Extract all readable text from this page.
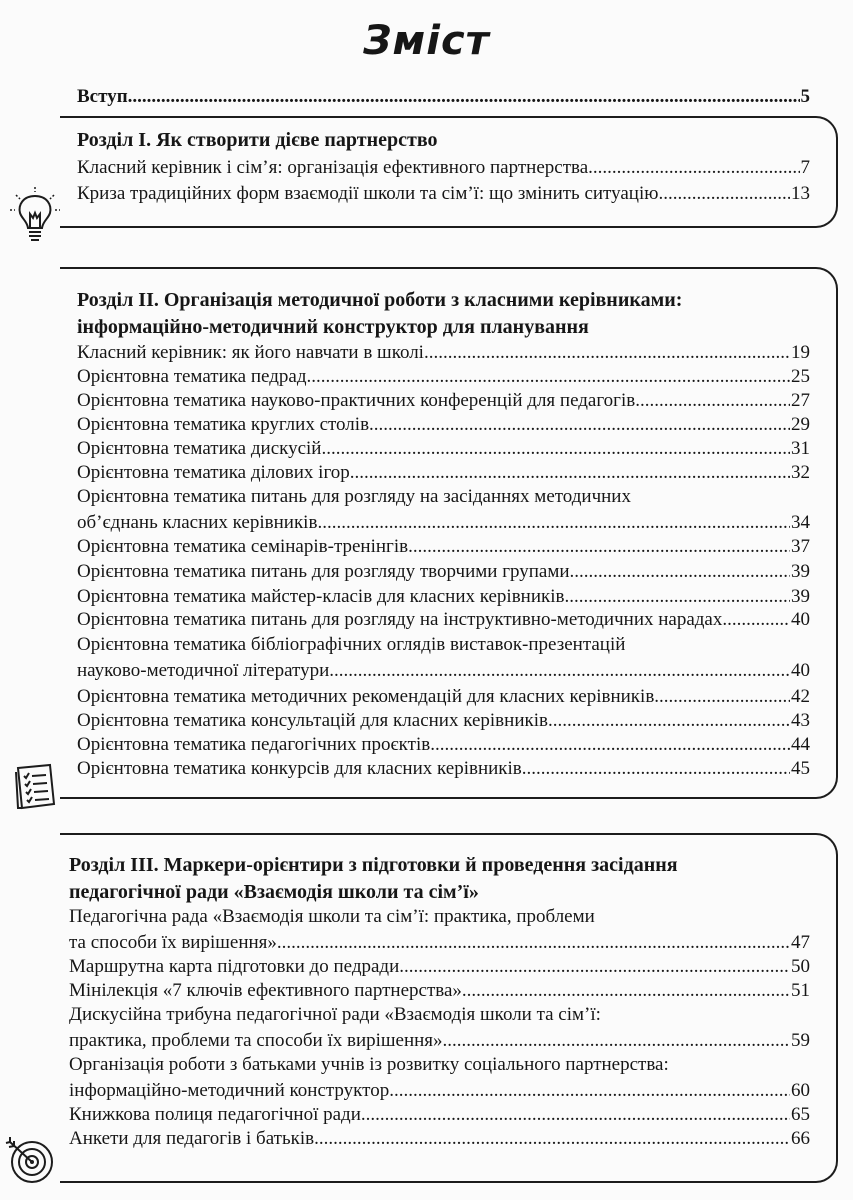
Зміст
Вступ .....	5
Розділ І. Як створити дієве партнерство
Класний керівник і сім’я: організація ефективного партнерства .....	7
Криза традиційних форм взаємодії школи та сім’ї: що змінить ситуацію .....	13
Розділ ІІ. Організація методичної роботи з класними керівниками:
інформаційно-методичний конструктор для планування
Класний керівник: як його навчати в школі .....	19
Орієнтовна тематика педрад .....	25
Орієнтовна тематика науково-практичних конференцій для педагогів .....	27
Орієнтовна тематика круглих столів .....	29
Орієнтовна тематика дискусій .....	31
Орієнтовна тематика ділових ігор .....	32
Орієнтовна тематика питань для розгляду на засіданнях методичних
об’єднань класних керівників .....	34
Орієнтовна тематика семінарів-тренінгів .....	37
Орієнтовна тематика питань для розгляду творчими групами .....	39
Орієнтовна тематика майстер-класів для класних керівників .....	39
Орієнтовна тематика питань для розгляду на інструктивно-методичних нарадах .....	40
Орієнтовна тематика бібліографічних оглядів виставок-презентацій
науково-методичної літератури .....	40
Орієнтовна тематика методичних рекомендацій для класних керівників .....	42
Орієнтовна тематика консультацій для класних керівників .....	43
Орієнтовна тематика педагогічних проєктів .....	44
Орієнтовна тематика конкурсів для класних керівників .....	45
Розділ ІІІ. Маркери-орієнтири з підготовки й проведення засідання
педагогічної ради «Взаємодія школи та сім’ї»
Педагогічна рада «Взаємодія школи та сім’ї: практика, проблеми
та способи їх вирішення» .....	47
Маршрутна карта підготовки до педради .....	50
Мінілекція «7 ключів ефективного партнерства» .....	51
Дискусійна трибуна педагогічної ради «Взаємодія школи та сім’ї:
практика, проблеми та способи їх вирішення» .....	59
Організація роботи з батьками учнів із розвитку соціального партнерства:
інформаційно-методичний конструктор .....	60
Книжкова полиця педагогічної ради .....	65
Анкети для педагогів і батьків .....	66
